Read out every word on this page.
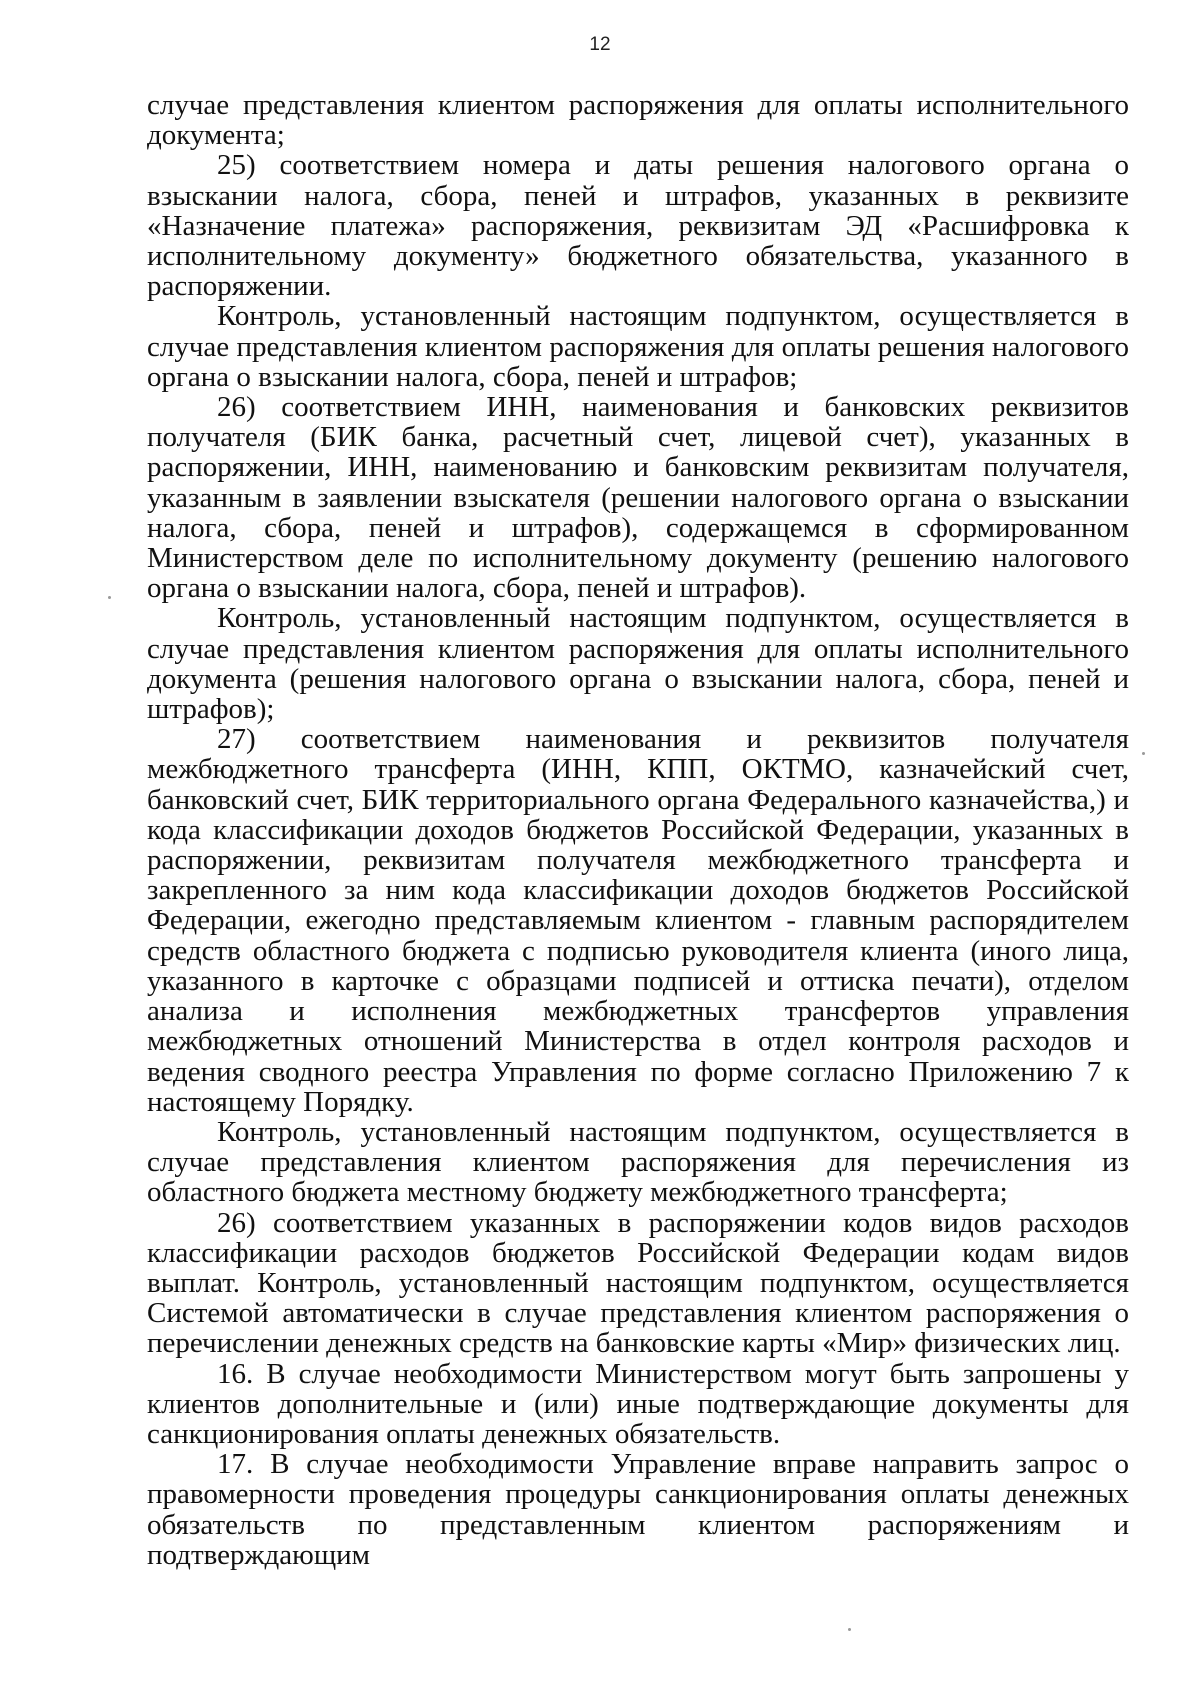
12

случае представления клиентом распоряжения для оплаты исполнительного документа;

25) соответствием номера и даты решения налогового органа о взыскании налога, сбора, пеней и штрафов, указанных в реквизите «Назначение платежа» распоряжения, реквизитам ЭД «Расшифровка к исполнительному документу» бюджетного обязательства, указанного в распоряжении.

Контроль, установленный настоящим подпунктом, осуществляется в случае представления клиентом распоряжения для оплаты решения налогового органа о взыскании налога, сбора, пеней и штрафов;

26) соответствием ИНН, наименования и банковских реквизитов получателя (БИК банка, расчетный счет, лицевой счет), указанных в распоряжении, ИНН, наименованию и банковским реквизитам получателя, указанным в заявлении взыскателя (решении налогового органа о взыскании налога, сбора, пеней и штрафов), содержащемся в сформированном Министерством деле по исполнительному документу (решению налогового органа о взыскании налога, сбора, пеней и штрафов).

Контроль, установленный настоящим подпунктом, осуществляется в случае представления клиентом распоряжения для оплаты исполнительного документа (решения налогового органа о взыскании налога, сбора, пеней и штрафов);

27) соответствием наименования и реквизитов получателя межбюджетного трансферта (ИНН, КПП, ОКТМО, казначейский счет, банковский счет, БИК территориального органа Федерального казначейства,) и кода классификации доходов бюджетов Российской Федерации, указанных в распоряжении, реквизитам получателя межбюджетного трансферта и закрепленного за ним кода классификации доходов бюджетов Российской Федерации, ежегодно представляемым клиентом - главным распорядителем средств областного бюджета с подписью руководителя клиента (иного лица, указанного в карточке с образцами подписей и оттиска печати), отделом анализа и исполнения межбюджетных трансфертов управления межбюджетных отношений Министерства в отдел контроля расходов и ведения сводного реестра Управления по форме согласно Приложению 7 к настоящему Порядку.

Контроль, установленный настоящим подпунктом, осуществляется в случае представления клиентом распоряжения для перечисления из областного бюджета местному бюджету межбюджетного трансферта;

26) соответствием указанных в распоряжении кодов видов расходов классификации расходов бюджетов Российской Федерации кодам видов выплат. Контроль, установленный настоящим подпунктом, осуществляется Системой автоматически в случае представления клиентом распоряжения о перечислении денежных средств на банковские карты «Мир» физических лиц.

16. В случае необходимости Министерством могут быть запрошены у клиентов дополнительные и (или) иные подтверждающие документы для санкционирования оплаты денежных обязательств.

17. В случае необходимости Управление вправе направить запрос о правомерности проведения процедуры санкционирования оплаты денежных обязательств по представленным клиентом распоряжениям и подтверждающим
